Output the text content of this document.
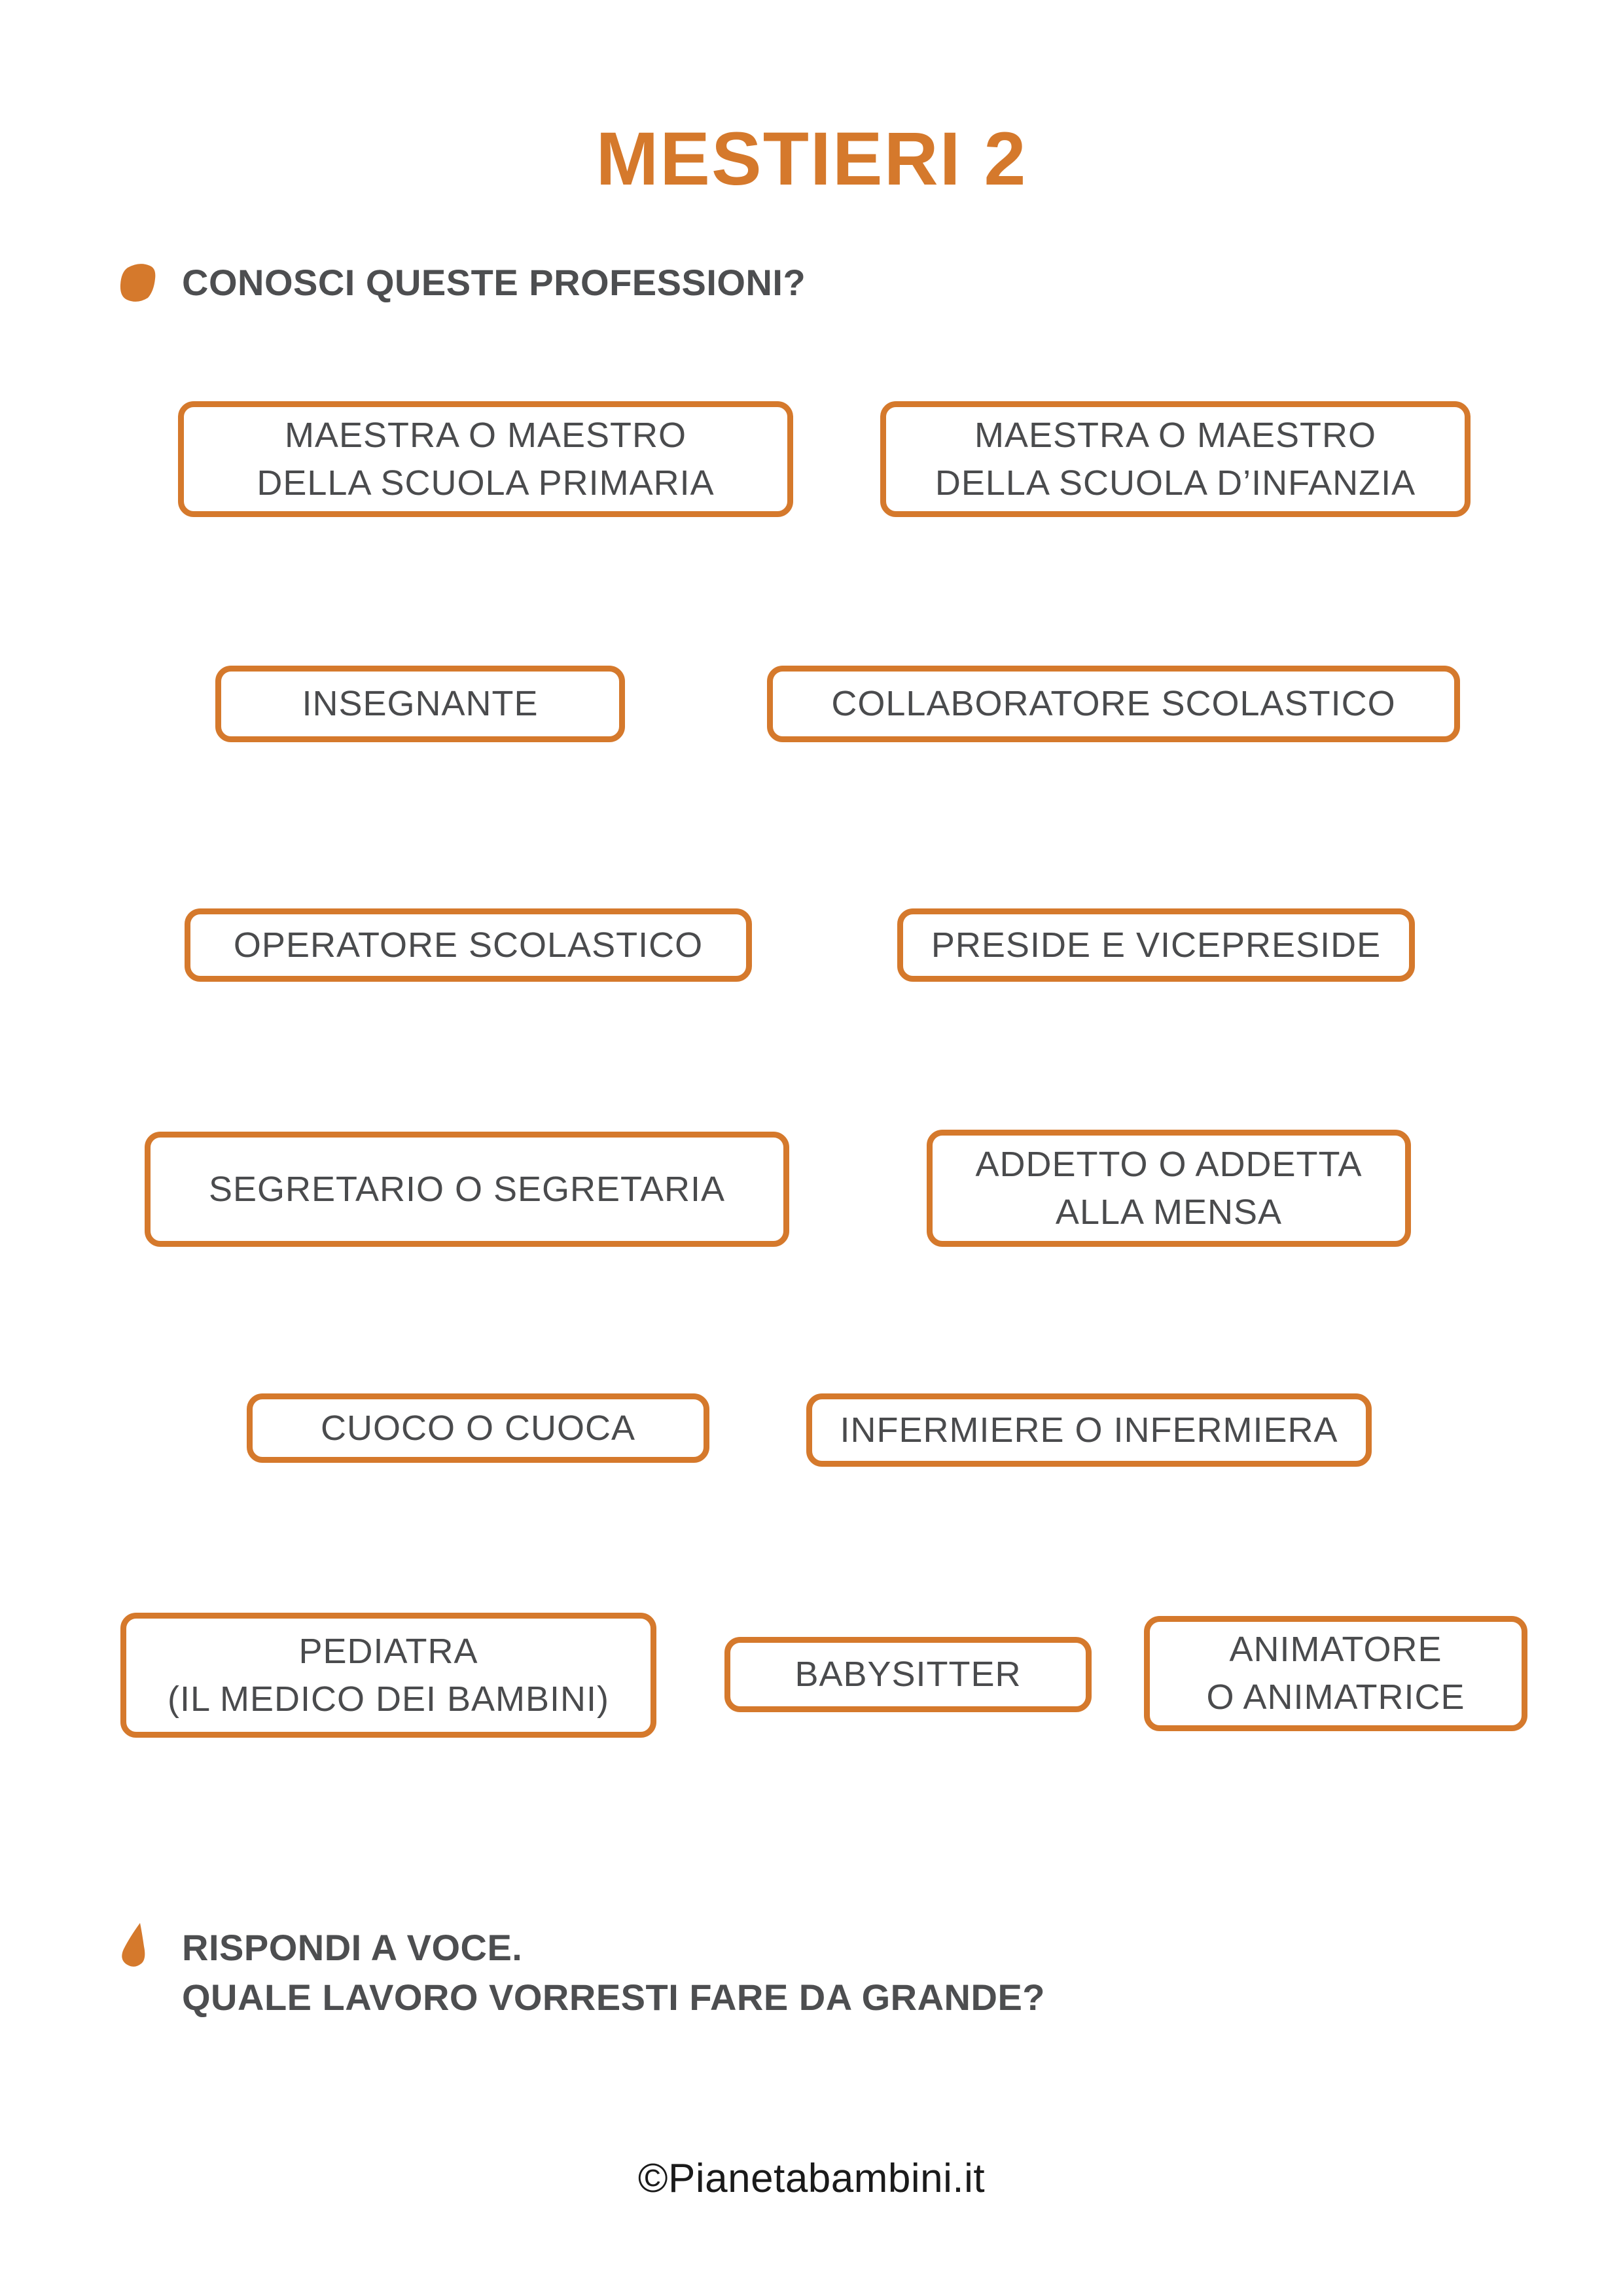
MESTIERI 2
CONOSCI QUESTE PROFESSIONI?
MAESTRA O MAESTRO
DELLA SCUOLA PRIMARIA
MAESTRA O MAESTRO
DELLA SCUOLA D’INFANZIA
INSEGNANTE	COLLABORATORE SCOLASTICO
OPERATORE SCOLASTICO	PRESIDE E VICEPRESIDE
SEGRETARIO O SEGRETARIA
ADDETTO O ADDETTA
ALLA MENSA
CUOCO O CUOCA	INFERMIERE O INFERMIERA
PEDIATRA
(IL MEDICO DEI BAMBINI)
BABYSITTER
ANIMATORE
O ANIMATRICE
RISPONDI A VOCE.
QUALE LAVORO VORRESTI FARE DA GRANDE?
©Pianetabambini.it
